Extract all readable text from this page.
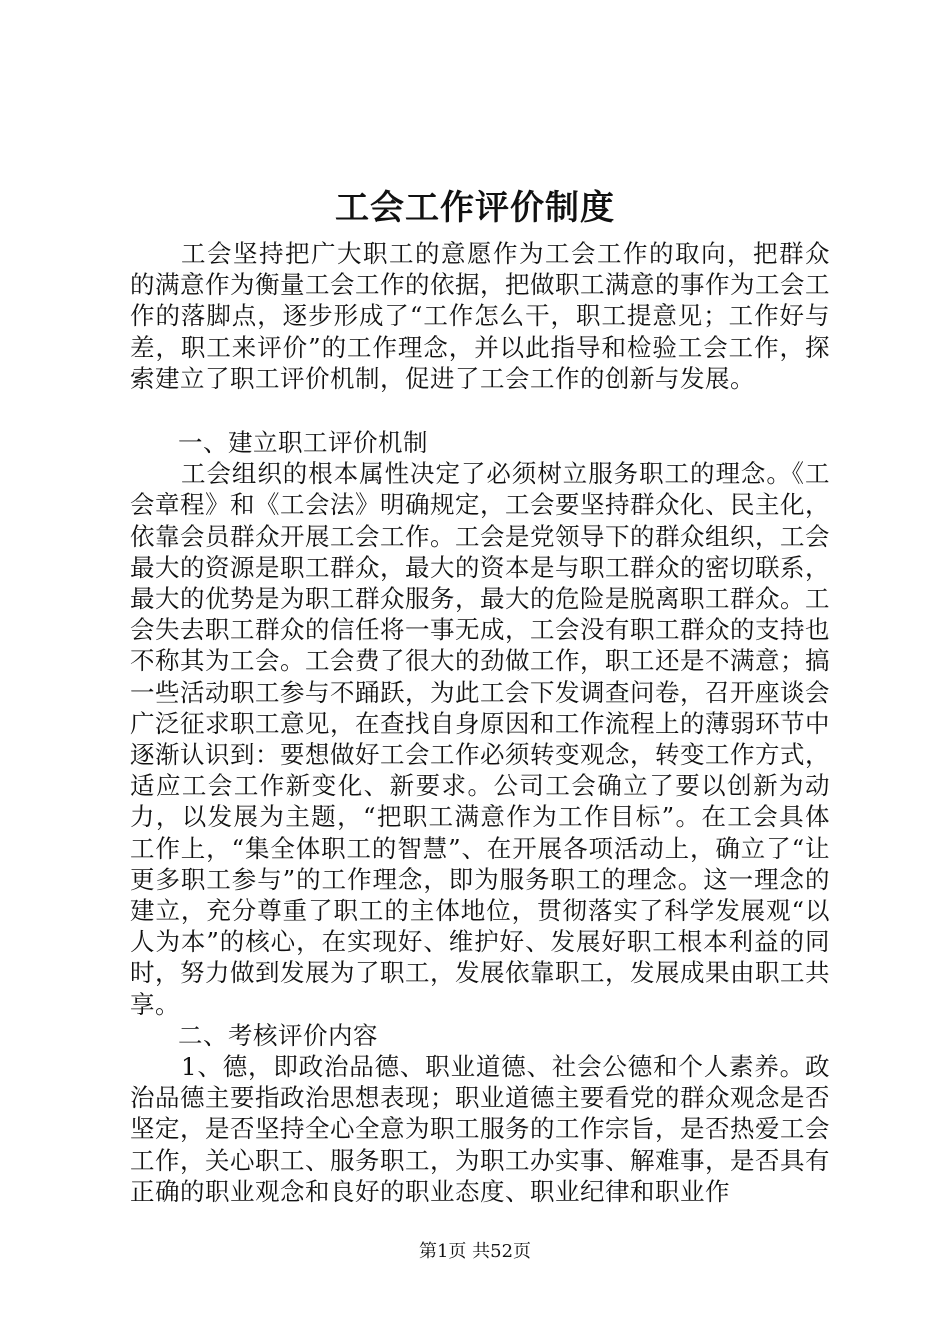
工会工作评价制度

工会坚持把广大职工的意愿作为工会工作的取向，把群众的满意作为衡量工会工作的依据，把做职工满意的事作为工会工作的落脚点，逐步形成了“工作怎么干，职工提意见；工作好与差，职工来评价”的工作理念，并以此指导和检验工会工作，探索建立了职工评价机制，促进了工会工作的创新与发展。

一、建立职工评价机制

工会组织的根本属性决定了必须树立服务职工的理念。《工会章程》和《工会法》明确规定，工会要坚持群众化、民主化，依靠会员群众开展工会工作。工会是党领导下的群众组织，工会最大的资源是职工群众，最大的资本是与职工群众的密切联系，最大的优势是为职工群众服务，最大的危险是脱离职工群众。工会失去职工群众的信任将一事无成，工会没有职工群众的支持也不称其为工会。工会费了很大的劲做工作，职工还是不满意；搞一些活动职工参与不踊跃，为此工会下发调查问卷，召开座谈会广泛征求职工意见，在查找自身原因和工作流程上的薄弱环节中逐渐认识到：要想做好工会工作必须转变观念，转变工作方式，适应工会工作新变化、新要求。公司工会确立了要以创新为动力，以发展为主题，“把职工满意作为工作目标”。在工会具体工作上，“集全体职工的智慧”、在开展各项活动上，确立了“让更多职工参与”的工作理念，即为服务职工的理念。这一理念的建立，充分尊重了职工的主体地位，贯彻落实了科学发展观“以人为本”的核心，在实现好、维护好、发展好职工根本利益的同时，努力做到发展为了职工，发展依靠职工，发展成果由职工共享。

二、考核评价内容

1、德，即政治品德、职业道德、社会公德和个人素养。政治品德主要指政治思想表现；职业道德主要看党的群众观念是否坚定，是否坚持全心全意为职工服务的工作宗旨，是否热爱工会工作，关心职工、服务职工，为职工办实事、解难事，是否具有正确的职业观念和良好的职业态度、职业纪律和职业作

第1页 共52页
